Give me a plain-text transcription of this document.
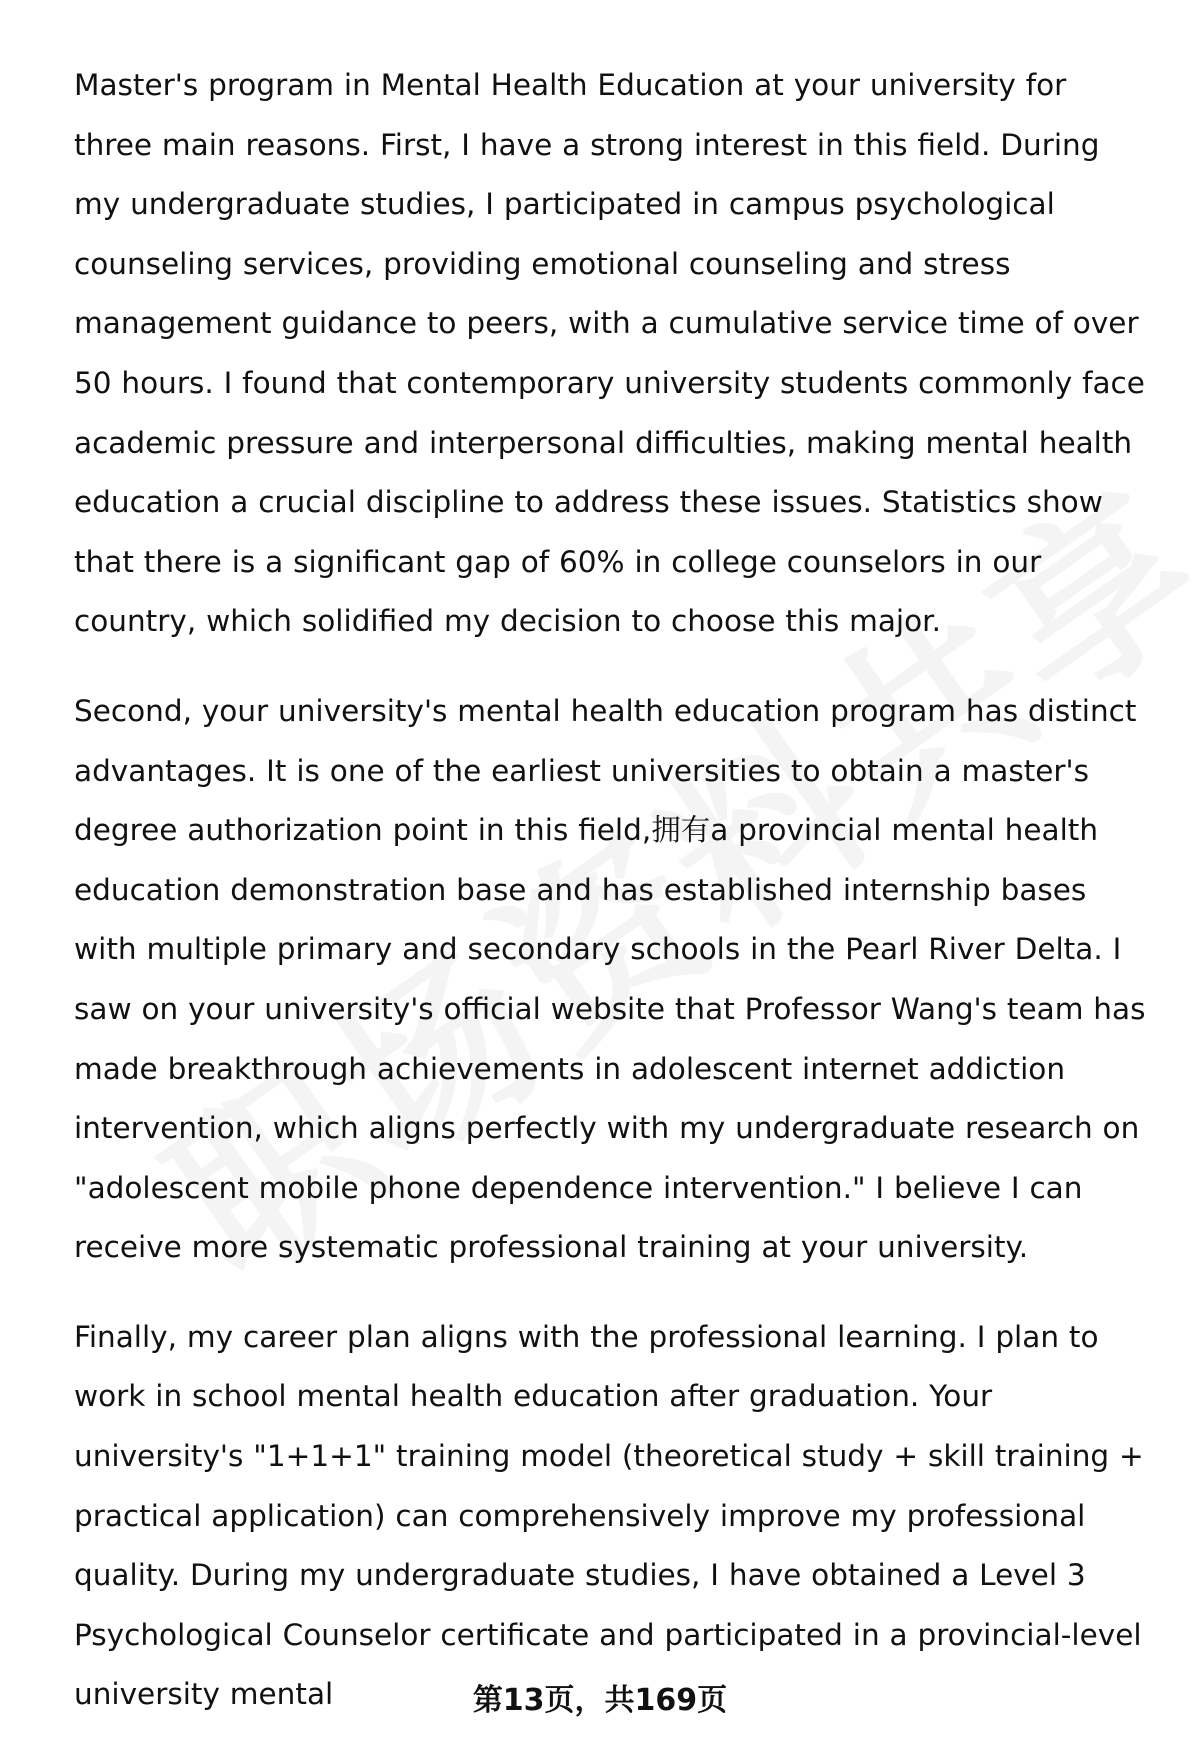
Master's program in Mental Health Education at your university for three main reasons. First, I have a strong interest in this field. During my undergraduate studies, I participated in campus psychological counseling services, providing emotional counseling and stress management guidance to peers, with a cumulative service time of over 50 hours. I found that contemporary university students commonly face academic pressure and interpersonal difficulties, making mental health education a crucial discipline to address these issues. Statistics show that there is a significant gap of 60% in college counselors in our country, which solidified my decision to choose this major.

Second, your university's mental health education program has distinct advantages. It is one of the earliest universities to obtain a master's degree authorization point in this field,拥有a provincial mental health education demonstration base and has established internship bases with multiple primary and secondary schools in the Pearl River Delta. I saw on your university's official website that Professor Wang's team has made breakthrough achievements in adolescent internet addiction intervention, which aligns perfectly with my undergraduate research on "adolescent mobile phone dependence intervention." I believe I can receive more systematic professional training at your university.

Finally, my career plan aligns with the professional learning. I plan to work in school mental health education after graduation. Your university's "1+1+1" training model (theoretical study + skill training + practical application) can comprehensively improve my professional quality. During my undergraduate studies, I have obtained a Level 3 Psychological Counselor certificate and participated in a provincial-level university mental	第13页，共169页
